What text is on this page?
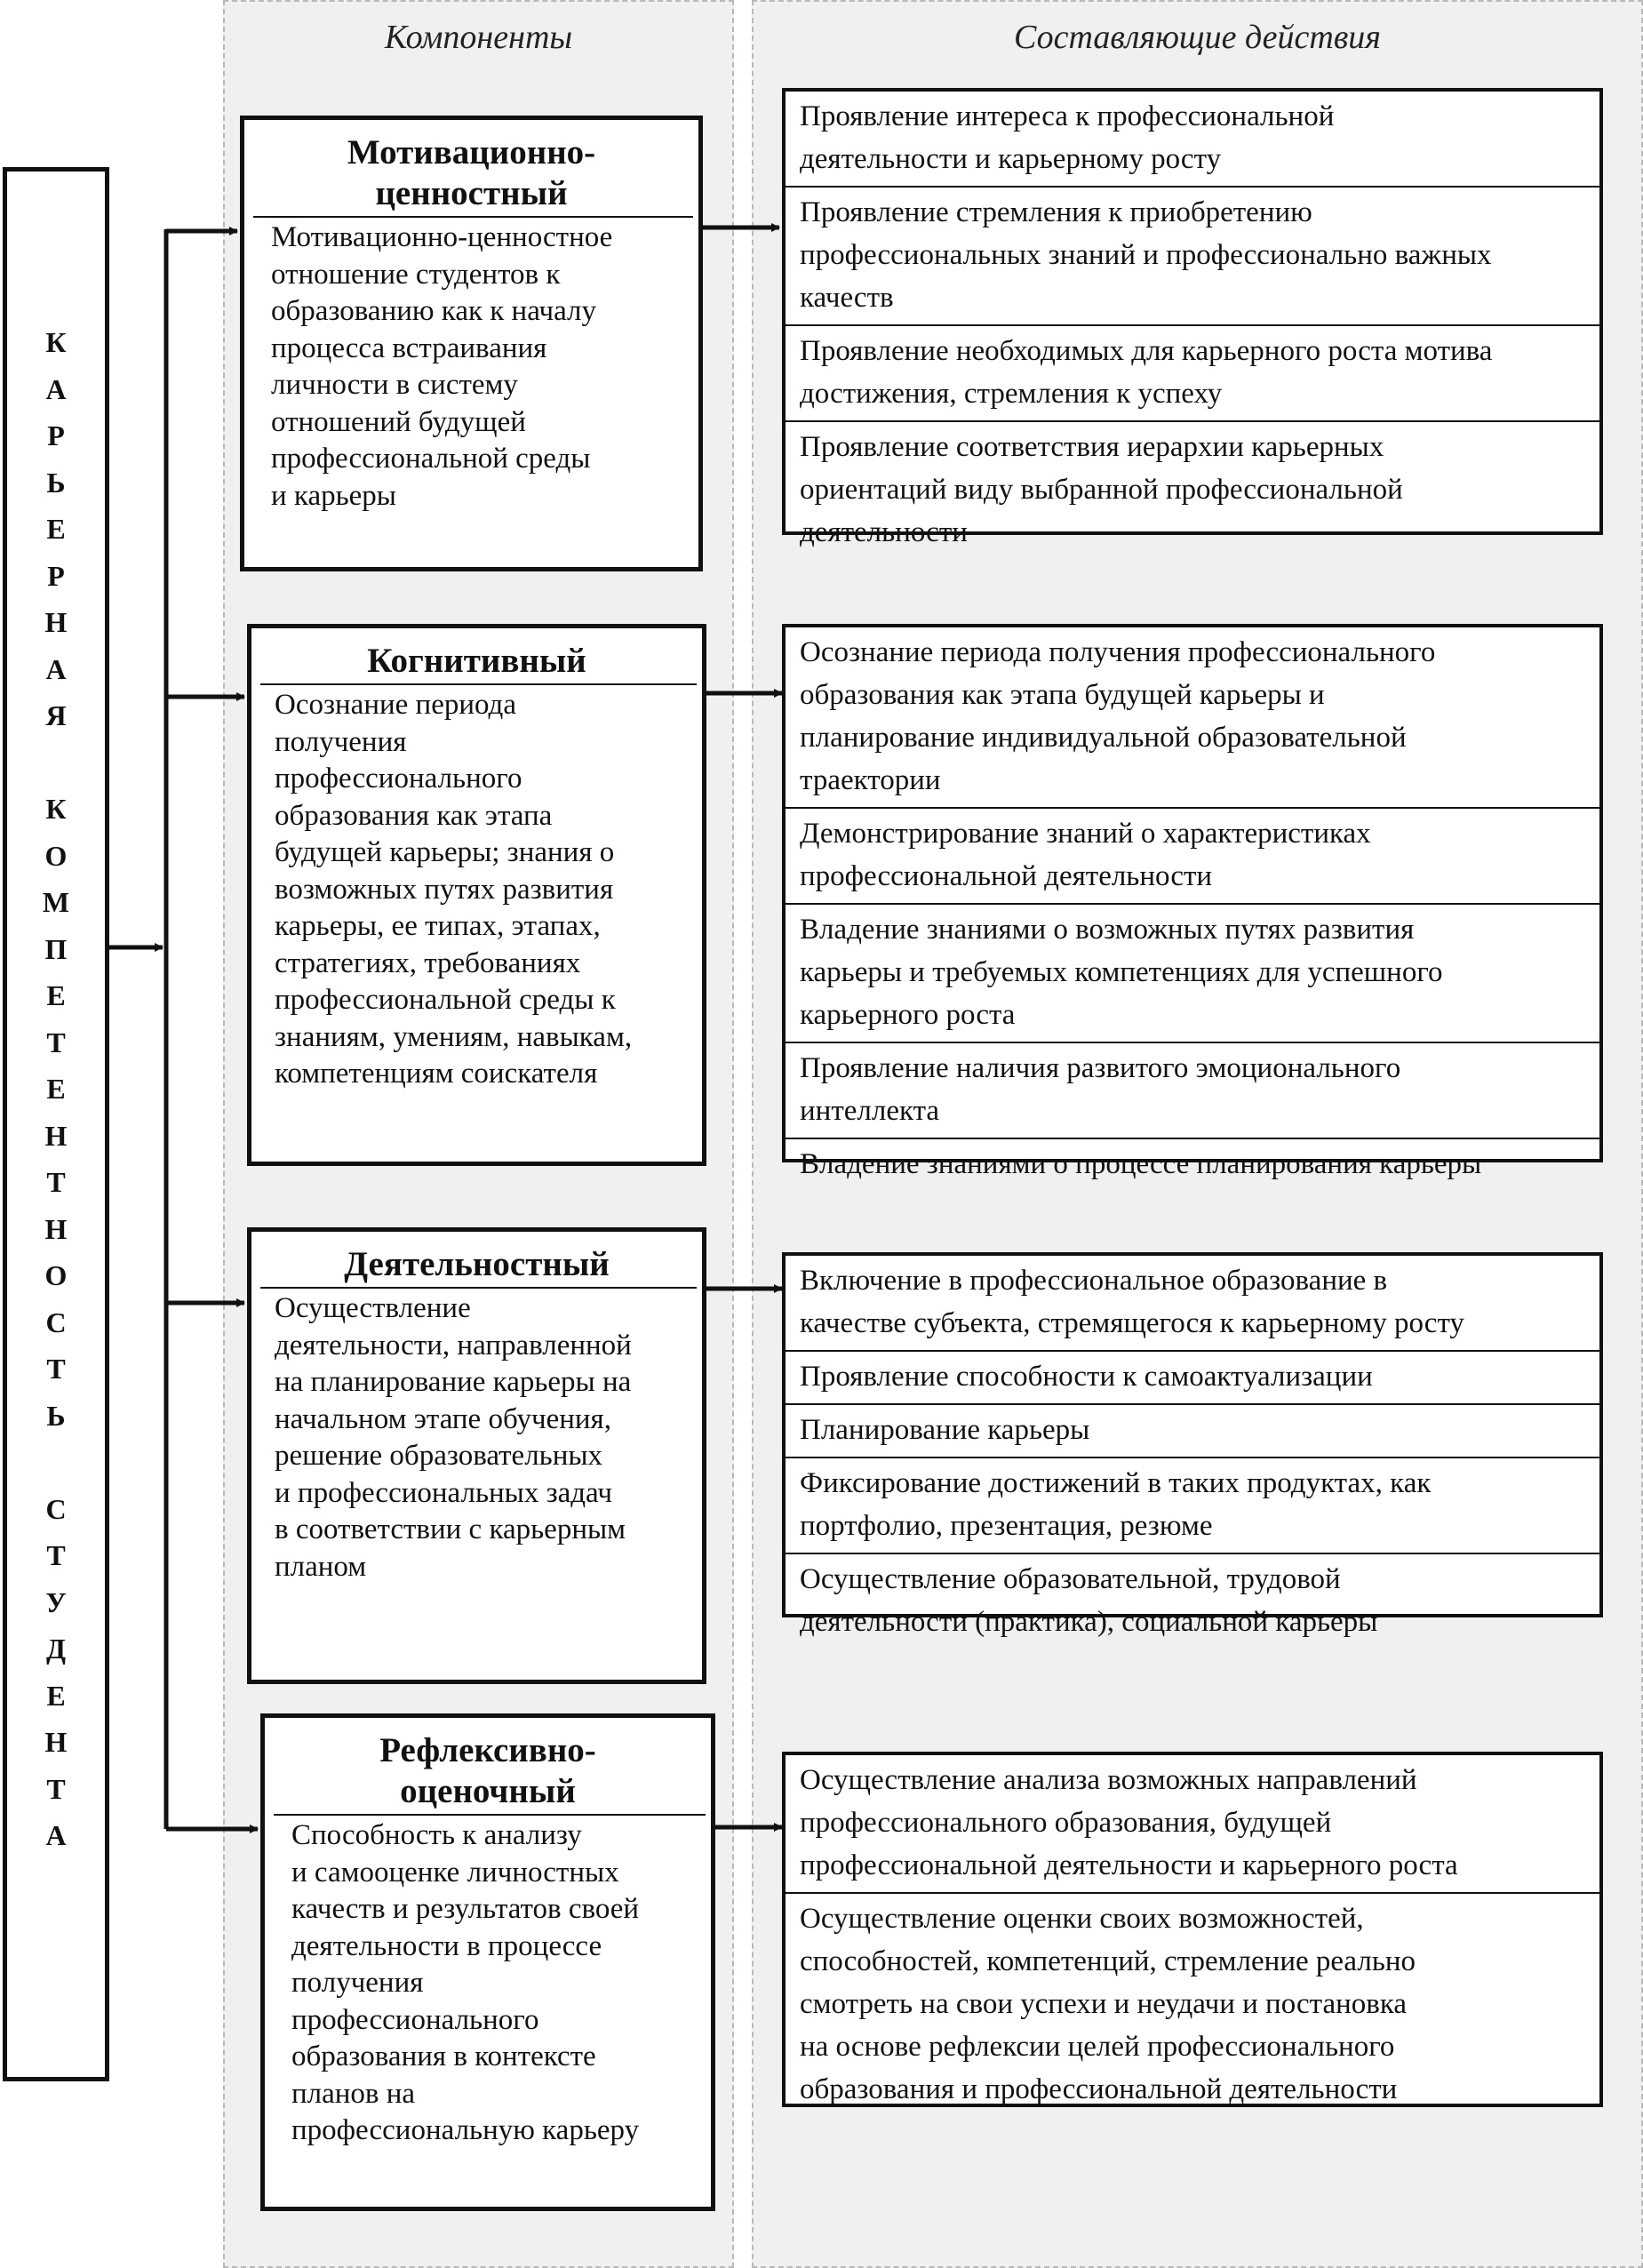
Компоненты	Составляющие действия
К
А
Р
Ь
Е
Р
Н
А
Я
К
О
М
П
Е
Т
Е
Н
Т
Н
О
С
Т
Ь
С
Т
У
Д
Е
Н
Т
А
Мотивационно-
ценностный
Мотивационно-ценностное
отношение студентов к
образованию как к началу
процесса встраивания
личности в систему
отношений будущей
профессиональной среды
и карьеры
Когнитивный
Осознание периода
получения
профессионального
образования как этапа
будущей карьеры; знания о
возможных путях развития
карьеры, ее типах, этапах,
стратегиях, требованиях
профессиональной среды к
знаниям, умениям, навыкам,
компетенциям соискателя
Деятельностный
Осуществление
деятельности, направленной
на планирование карьеры на
начальном этапе обучения,
решение образовательных
и профессиональных задач
в соответствии с карьерным
планом
Рефлексивно-
оценочный
Способность к анализу
и самооценке личностных
качеств и результатов своей
деятельности в процессе
получения
профессионального
образования в контексте
планов на
профессиональную карьеру
Проявление интереса к профессиональной
деятельности и карьерному росту
Проявление стремления к приобретению
профессиональных знаний и профессионально важных
качеств
Проявление необходимых для карьерного роста мотива
достижения, стремления к успеху
Проявление соответствия иерархии карьерных
ориентаций виду выбранной профессиональной
деятельности
Осознание периода получения профессионального
образования как этапа будущей карьеры и
планирование индивидуальной образовательной
траектории
Демонстрирование знаний о характеристиках
профессиональной деятельности
Владение знаниями о возможных путях развития
карьеры и требуемых компетенциях для успешного
карьерного роста
Проявление наличия развитого эмоционального
интеллекта
Владение знаниями о процессе планирования карьеры
Включение в профессиональное образование в
качестве субъекта, стремящегося к карьерному росту
Проявление способности к самоактуализации
Планирование карьеры
Фиксирование достижений в таких продуктах, как
портфолио, презентация, резюме
Осуществление образовательной, трудовой
деятельности (практика), социальной карьеры
Осуществление анализа возможных направлений
профессионального образования, будущей
профессиональной деятельности и карьерного роста
Осуществление оценки своих возможностей,
способностей, компетенций, стремление реально
смотреть на свои успехи и неудачи и постановка
на основе рефлексии целей профессионального
образования и профессиональной деятельности
